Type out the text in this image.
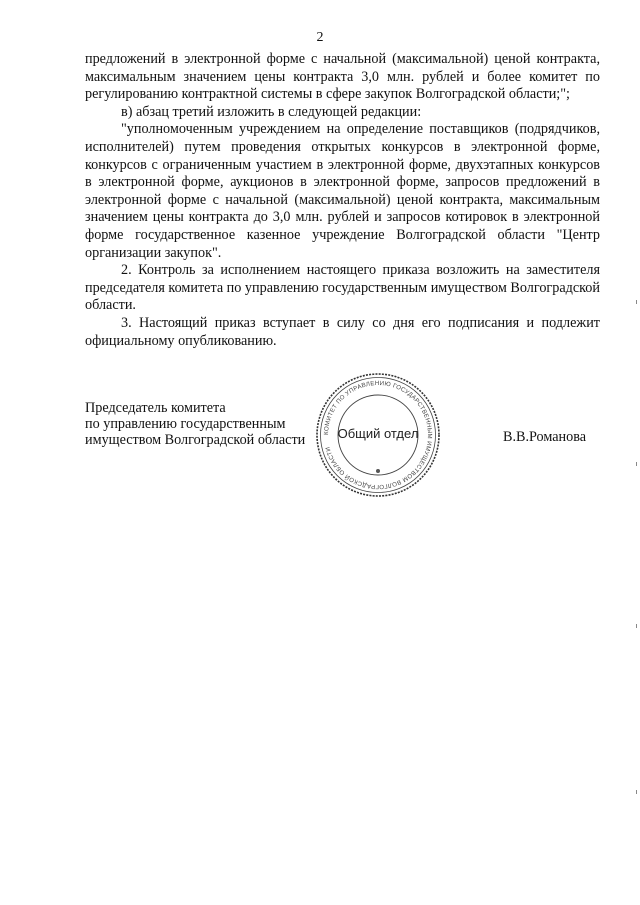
2

предложений в электронной форме с начальной (максимальной) ценой контракта, максимальным значением цены контракта 3,0 млн. рублей и более комитет по регулированию контрактной системы в сфере закупок Волгоградской области;";

в) абзац третий изложить в следующей редакции:

"уполномоченным учреждением на определение поставщиков (подрядчиков, исполнителей) путем проведения открытых конкурсов в электронной форме, конкурсов с ограниченным участием в электронной форме, двухэтапных конкурсов в электронной форме, аукционов в электронной форме, запросов предложений в электронной форме с начальной (максимальной) ценой контракта, максимальным значением цены контракта до 3,0 млн. рублей и запросов котировок в электронной форме государственное казенное учреждение Волгоградской области "Центр организации закупок".

2. Контроль за исполнением настоящего приказа возложить на заместителя председателя комитета по управлению государственным имуществом Волгоградской области.

3. Настоящий приказ вступает в силу со дня его подписания и подлежит официальному опубликованию.

Председатель комитета
по управлению государственным
имуществом Волгоградской области	КОМИТЕТ ПО УПРАВЛЕНИЮ ГОСУДАРСТВЕННЫМ ИМУЩЕСТВОМ ВОЛГОГРАДСКОЙ ОБЛАСТИ
Общий отдел	В.В.Романова
